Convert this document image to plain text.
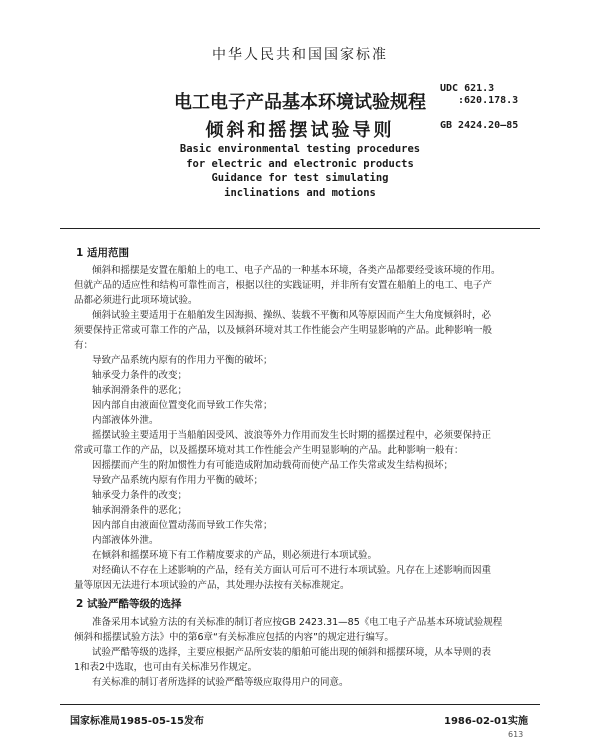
中华人民共和国国家标准
电工电子产品基本环境试验规程
倾斜和摇摆试验导则
UDC 621.3
:620.178.3
GB 2424.20—85
Basic environmental testing procedures
for electric and electronic products
Guidance for test simulating
inclinations and motions
1 适用范围
倾斜和摇摆是安置在船舶上的电工、电子产品的一种基本环境，各类产品都要经受该环境的作用。
但就产品的适应性和结构可靠性而言，根据以往的实践证明，并非所有安置在船舶上的电工、电子产
品都必须进行此项环境试验。
倾斜试验主要适用于在船舶发生因海损、操纵、装载不平衡和风等原因而产生大角度倾斜时，必
须要保持正常或可靠工作的产品，以及倾斜环境对其工作性能会产生明显影响的产品。此种影响一般
有：
导致产品系统内原有的作用力平衡的破坏；
轴承受力条件的改变；
轴承润滑条件的恶化；
因内部自由液面位置变化而导致工作失常；
内部液体外泄。
摇摆试验主要适用于当船舶因受风、波浪等外力作用而发生长时期的摇摆过程中，必须要保持正
常或可靠工作的产品，以及摇摆环境对其工作性能会产生明显影响的产品。此种影响一般有：
因摇摆而产生的附加惯性力有可能造成附加动载荷而使产品工作失常或发生结构损坏；
导致产品系统内原有作用力平衡的破坏；
轴承受力条件的改变；
轴承润滑条件的恶化；
因内部自由液面位置动荡而导致工作失常；
内部液体外泄。
在倾斜和摇摆环境下有工作精度要求的产品，则必须进行本项试验。
对经确认不存在上述影响的产品，经有关方面认可后可不进行本项试验。凡存在上述影响而因重
量等原因无法进行本项试验的产品，其处理办法按有关标准规定。
2 试验严酷等级的选择
准备采用本试验方法的有关标准的制订者应按GB 2423.31—85《电工电子产品基本环境试验规程
倾斜和摇摆试验方法》中的第6章“有关标准应包括的内容”的规定进行编写。
试验严酷等级的选择，主要应根据产品所安装的船舶可能出现的倾斜和摇摆环境，从本导则的表
1和表2中选取，也可由有关标准另作规定。
有关标准的制订者所选择的试验严酷等级应取得用户的同意。
国家标准局1985-05-15发布	1986-02-01实施
613
